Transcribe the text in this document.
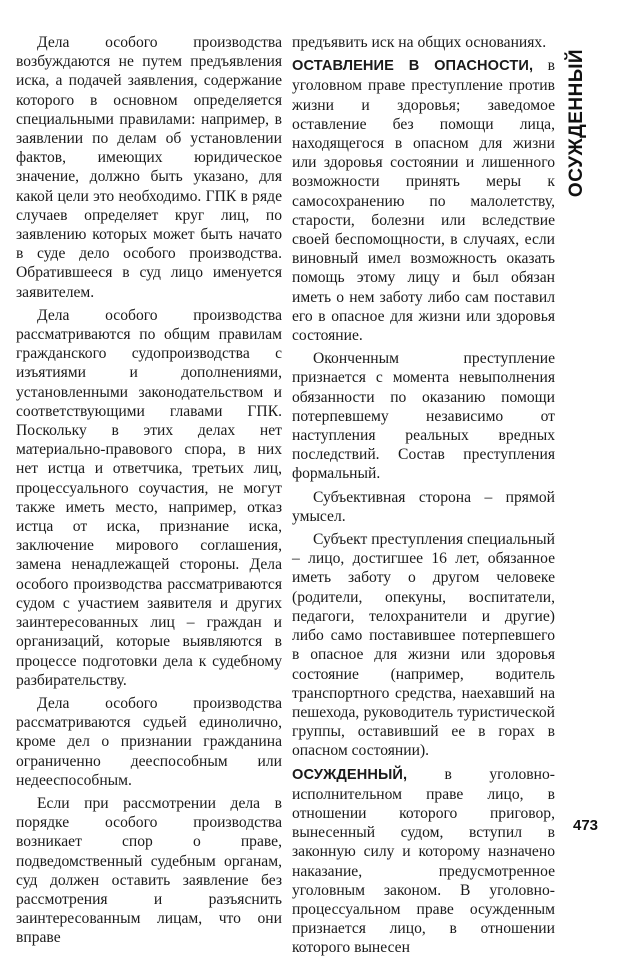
Дела особого производства возбуждаются не путем предъявления иска, а подачей заявления, содержание которого в основном определяется специальными правилами: например, в заявлении по делам об установлении фактов, имеющих юридическое значение, должно быть указано, для какой цели это необходимо. ГПК в ряде случаев определяет круг лиц, по заявлению которых может быть начато в суде дело особого производства. Обратившееся в суд лицо именуется заявителем.

Дела особого производства рассматриваются по общим правилам гражданского судопроизводства с изъятиями и дополнениями, установленными законодательством и соответствующими главами ГПК. Поскольку в этих делах нет материально-правового спора, в них нет истца и ответчика, третьих лиц, процессуального соучастия, не могут также иметь место, например, отказ истца от иска, признание иска, заключение мирового соглашения, замена ненадлежащей стороны. Дела особого производства рассматриваются судом с участием заявителя и других заинтересованных лиц – граждан и организаций, которые выявляются в процессе подготовки дела к судебному разбирательству.

Дела особого производства рассматриваются судьей единолично, кроме дел о признании гражданина ограниченно дееспособным или недееспособным.

Если при рассмотрении дела в порядке особого производства возникает спор о праве, подведомственный судебным органам, суд должен оставить заявление без рассмотрения и разъяснить заинтересованным лицам, что они вправе

предъявить иск на общих основаниях.

ОСТАВЛЕНИЕ В ОПАСНОСТИ, в уголовном праве преступление против жизни и здоровья; заведомое оставление без помощи лица, находящегося в опасном для жизни или здоровья состоянии и лишенного возможности принять меры к самосохранению по малолетству, старости, болезни или вследствие своей беспомощности, в случаях, если виновный имел возможность оказать помощь этому лицу и был обязан иметь о нем заботу либо сам поставил его в опасное для жизни или здоровья состояние.

Оконченным преступление признается с момента невыполнения обязанности по оказанию помощи потерпевшему независимо от наступления реальных вредных последствий. Состав преступления формальный.

Субъективная сторона – прямой умысел.

Субъект преступления специальный – лицо, достигшее 16 лет, обязанное иметь заботу о другом человеке (родители, опекуны, воспитатели, педагоги, телохранители и другие) либо само поставившее потерпевшего в опасное для жизни или здоровья состояние (например, водитель транспортного средства, наехавший на пешехода, руководитель туристической группы, оставивший ее в горах в опасном состоянии).

ОСУЖДЕННЫЙ, в уголовно-исполнительном праве лицо, в отношении которого приговор, вынесенный судом, вступил в законную силу и которому назначено наказание, предусмотренное уголовным законом. В уголовно-процессуальном праве осужденным признается лицо, в отношении которого вынесен

ОСУЖДЕННЫЙ
473
